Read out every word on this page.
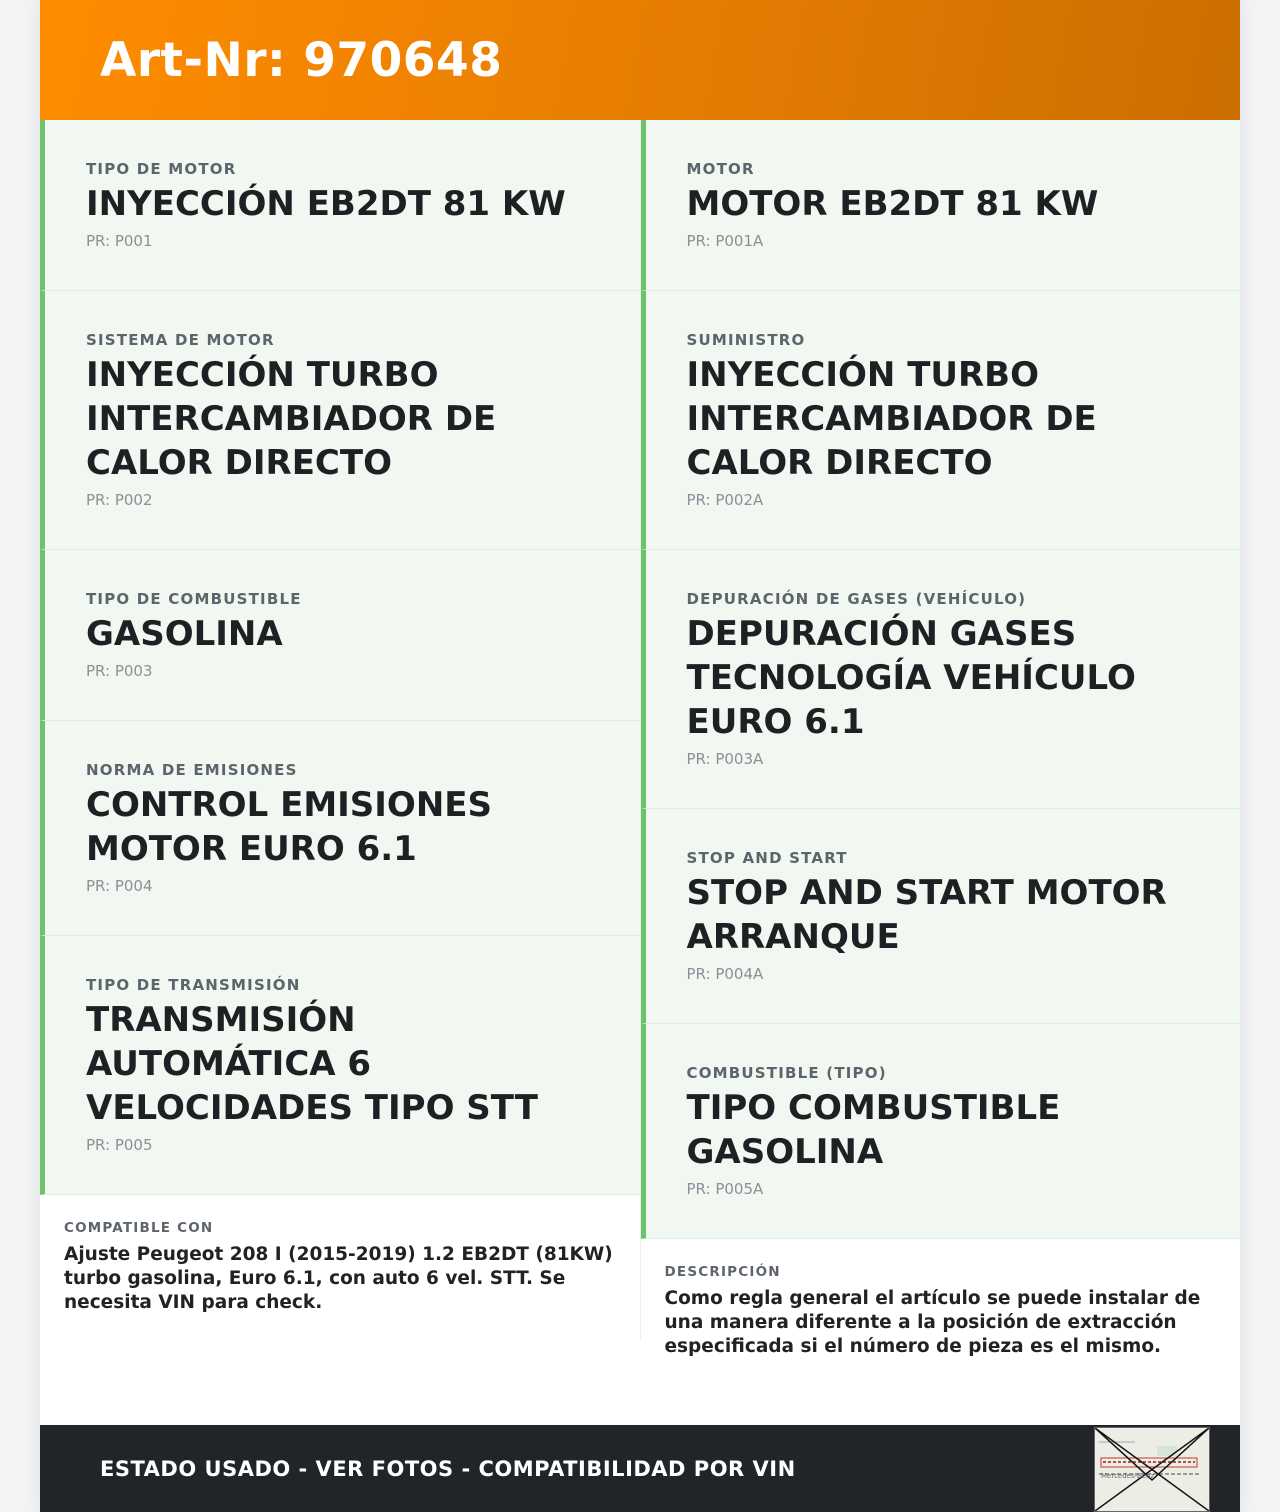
Art-Nr: 970648
TIPO DE MOTOR
INYECCIÓN EB2DT 81 KW
PR: P001
SISTEMA DE MOTOR
INYECCIÓN TURBO INTERCAMBIADOR DE CALOR DIRECTO
PR: P002
TIPO DE COMBUSTIBLE
GASOLINA
PR: P003
NORMA DE EMISIONES
CONTROL EMISIONES MOTOR EURO 6.1
PR: P004
TIPO DE TRANSMISIÓN
TRANSMISIÓN AUTOMÁTICA 6 VELOCIDADES TIPO STT
PR: P005
COMPATIBLE CON
Ajuste Peugeot 208 I (2015-2019) 1.2 EB2DT (81KW) turbo gasolina, Euro 6.1, con auto 6 vel. STT. Se necesita VIN para check.
MOTOR
MOTOR EB2DT 81 KW
PR: P001A
SUMINISTRO
INYECCIÓN TURBO INTERCAMBIADOR DE CALOR DIRECTO
PR: P002A
DEPURACIÓN DE GASES (VEHÍCULO)
DEPURACIÓN GASES TECNOLOGÍA VEHÍCULO EURO 6.1
PR: P003A
STOP AND START
STOP AND START MOTOR ARRANQUE
PR: P004A
COMBUSTIBLE (TIPO)
TIPO COMBUSTIBLE GASOLINA
PR: P005A
DESCRIPCIÓN
Como regla general el artículo se puede instalar de una manera diferente a la posición de extracción especificada si el número de pieza es el mismo.
ESTADO USADO - VER FOTOS - COMPATIBILIDAD POR VIN	Mercedes-Benz
